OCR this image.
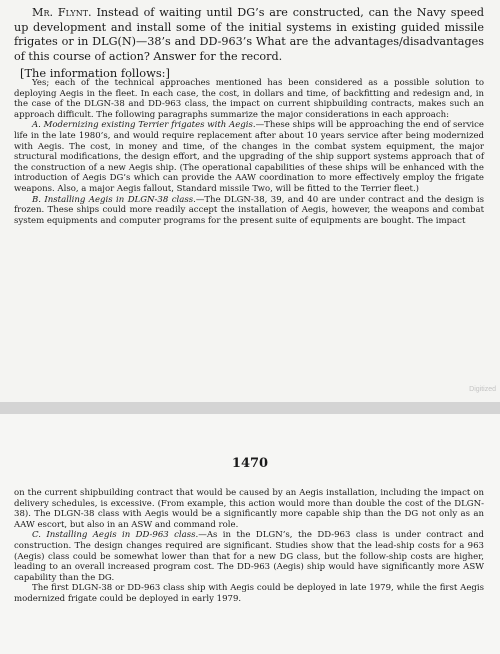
Mr. Flynt. Instead of waiting until DG’s are constructed, can the Navy speed up development and install some of the initial systems in existing guided missile frigates or in DLG(N)—38’s and DD-963’s What are the advantages/disadvantages of this course of action? Answer for the record.

[The information follows:]

Yes; each of the technical approaches mentioned has been considered as a possible solution to deploying Aegis in the fleet. In each case, the cost, in dollars and time, of backfitting and redesign and, in the case of the DLGN-38 and DD-963 class, the impact on current shipbuilding contracts, makes such an approach difficult. The following paragraphs summarize the major considerations in each approach:

A. Modernizing existing Terrier frigates with Aegis.—These ships will be approaching the end of service life in the late 1980’s, and would require replacement after about 10 years service after being modernized with Aegis. The cost, in money and time, of the changes in the combat system equipment, the major structural modifications, the design effort, and the upgrading of the ship support systems approach that of the construction of a new Aegis ship. (The operational capabilities of these ships will be enhanced with the introduction of Aegis DG’s which can provide the AAW coordination to more effectively employ the frigate weapons. Also, a major Aegis fallout, Standard missile Two, will be fitted to the Terrier fleet.)

B. Installing Aegis in DLGN-38 class.—The DLGN-38, 39, and 40 are under contract and the design is frozen. These ships could more readily accept the installation of Aegis, however, the weapons and combat system equipments and computer programs for the present suite of equipments are bought. The impact

Digitized
1470

on the current shipbuilding contract that would be caused by an Aegis installation, including the impact on delivery schedules, is excessive. (From example, this action would more than double the cost of the DLGN-38). The DLGN-38 class with Aegis would be a significantly more capable ship than the DG not only as an AAW escort, but also in an ASW and command role.

C. Installing Aegis in DD-963 class.—As in the DLGN’s, the DD-963 class is under contract and construction. The design changes required are significant. Studies show that the lead-ship costs for a 963 (Aegis) class could be somewhat lower than that for a new DG class, but the follow-ship costs are higher, leading to an overall increased program cost. The DD-963 (Aegis) ship would have significantly more ASW capability than the DG.

The first DLGN-38 or DD-963 class ship with Aegis could be deployed in late 1979, while the first Aegis modernized frigate could be deployed in early 1979.
